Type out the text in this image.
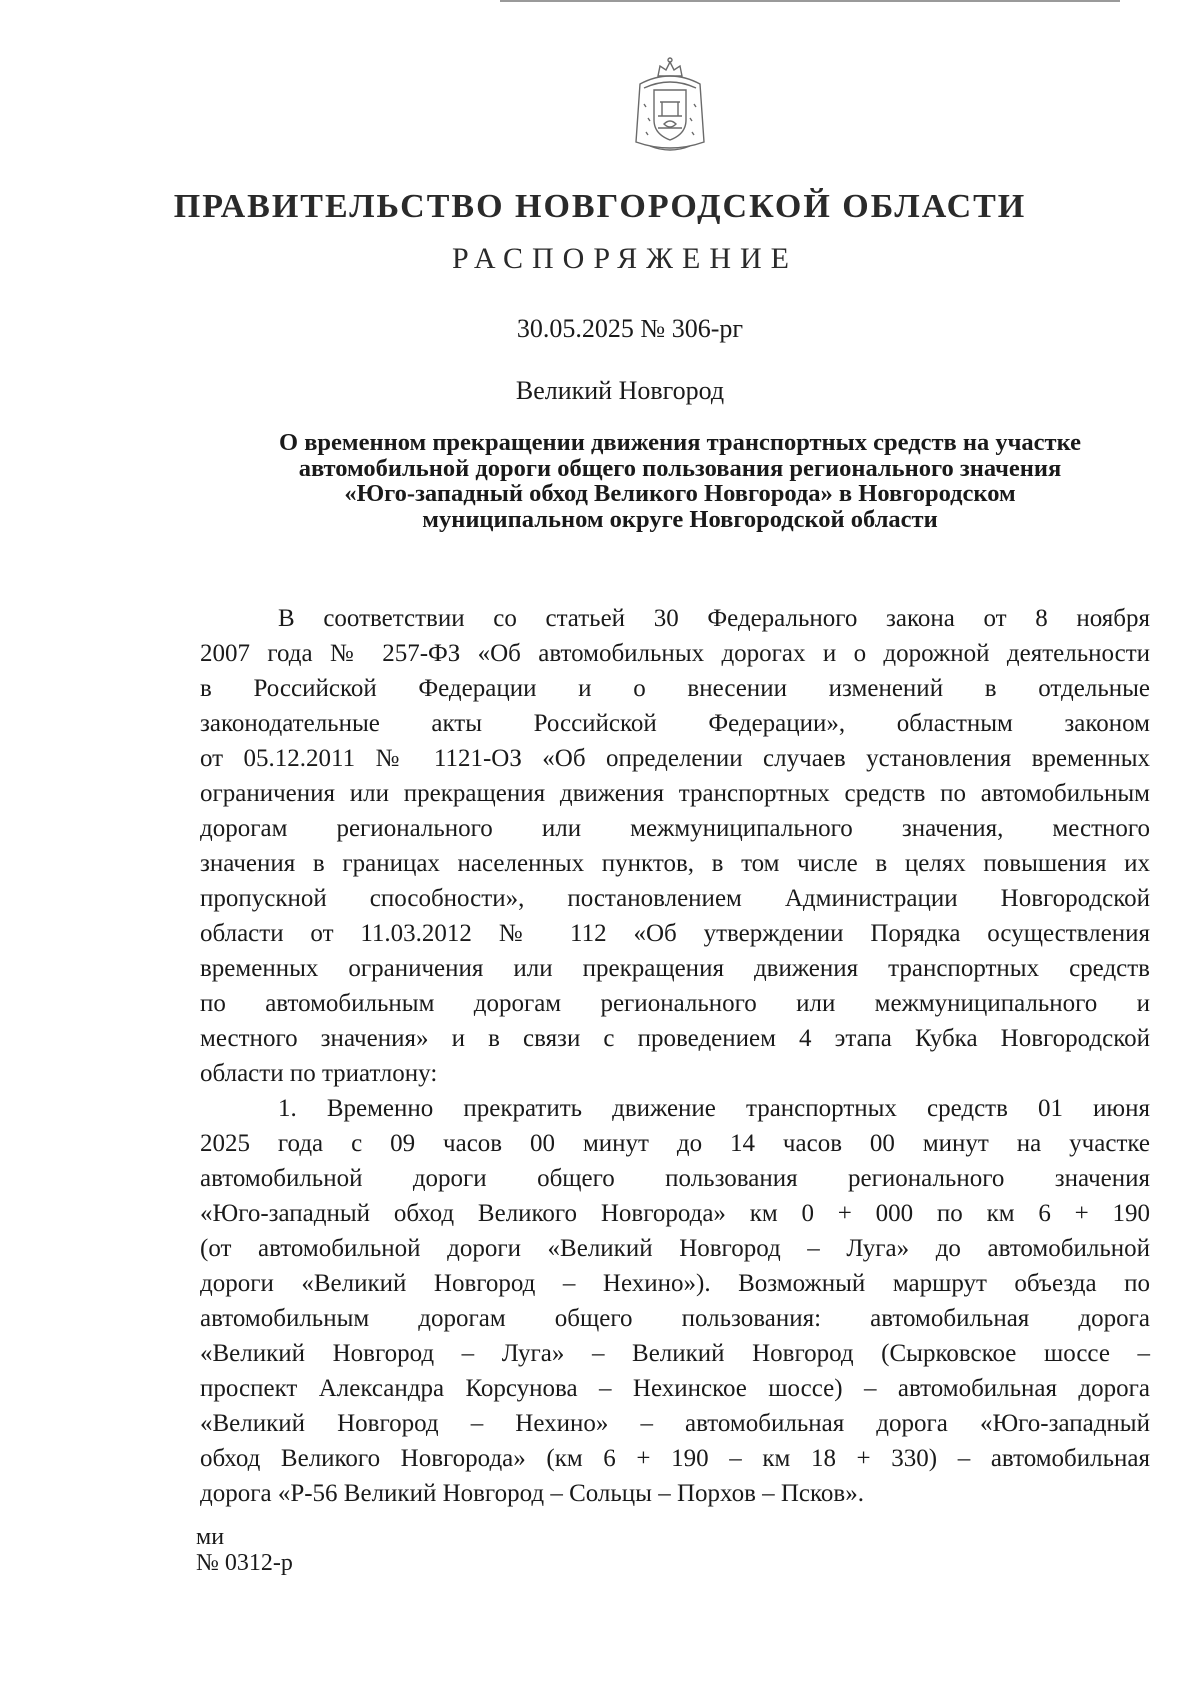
ПРАВИТЕЛЬСТВО НОВГОРОДСКОЙ ОБЛАСТИ
РАСПОРЯЖЕНИЕ
30.05.2025 № 306-рг
Великий Новгород
О временном прекращении движения транспортных средств на участке
автомобильной дороги общего пользования регионального значения
«Юго-западный обход Великого Новгорода» в Новгородском
муниципальном округе Новгородской области
В соответствии со статьей 30 Федерального закона от 8 ноября
2007 года № 257-ФЗ «Об автомобильных дорогах и о дорожной деятельности
в Российской Федерации и о внесении изменений в отдельные
законодательные акты Российской Федерации», областным законом
от 05.12.2011 № 1121-ОЗ «Об определении случаев установления временных
ограничения или прекращения движения транспортных средств по автомобильным
дорогам регионального или межмуниципального значения, местного
значения в границах населенных пунктов, в том числе в целях повышения их
пропускной способности», постановлением Администрации Новгородской
области от 11.03.2012 № 112 «Об утверждении Порядка осуществления
временных ограничения или прекращения движения транспортных средств
по автомобильным дорогам регионального или межмуниципального и
местного значения» и в связи с проведением 4 этапа Кубка Новгородской
области по триатлону:
1. Временно прекратить движение транспортных средств 01 июня
2025 года с 09 часов 00 минут до 14 часов 00 минут на участке
автомобильной дороги общего пользования регионального значения
«Юго-западный обход Великого Новгорода» км 0 + 000 по км 6 + 190
(от автомобильной дороги «Великий Новгород – Луга» до автомобильной
дороги «Великий Новгород – Нехино»). Возможный маршрут объезда по
автомобильным дорогам общего пользования: автомобильная дорога
«Великий Новгород – Луга» – Великий Новгород (Сырковское шоссе –
проспект Александра Корсунова – Нехинское шоссе) – автомобильная дорога
«Великий Новгород – Нехино» – автомобильная дорога «Юго-западный
обход Великого Новгорода» (км 6 + 190 – км 18 + 330) – автомобильная
дорога «Р-56 Великий Новгород – Сольцы – Порхов – Псков».
ми
№ 0312-р
